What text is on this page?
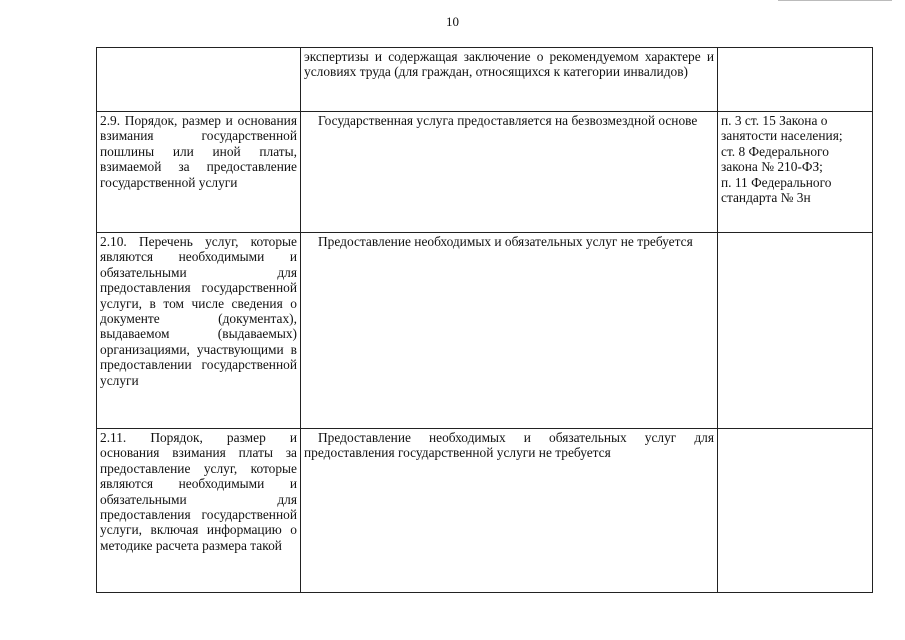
10

	экспертизы и содержащая заключение о рекомендуемом характере и условиях труда (для граждан, относящихся к категории инвалидов)	

2.9. Порядок, размер и основания взимания государственной пошлины или иной платы, взимаемой за предоставление государственной услуги	Государственная услуга предоставляется на безвозмездной основе	п. 3 ст. 15 Закона о занятости населения;
ст. 8 Федерального закона № 210-ФЗ;
п. 11 Федерального стандарта № 3н

2.10. Перечень услуг, которые являются необходимыми и обязательными для предоставления государственной услуги, в том числе сведения о документе (документах), выдаваемом (выдаваемых) организациями, участвующими в предоставлении государственной услуги	Предоставление необходимых и обязательных услуг не требуется	

2.11. Порядок, размер и основания взимания платы за предоставление услуг, которые являются необходимыми и обязательными для предоставления государственной услуги, включая информацию о методике расчета размера такой	Предоставление необходимых и обязательных услуг для предоставления государственной услуги не требуется	
